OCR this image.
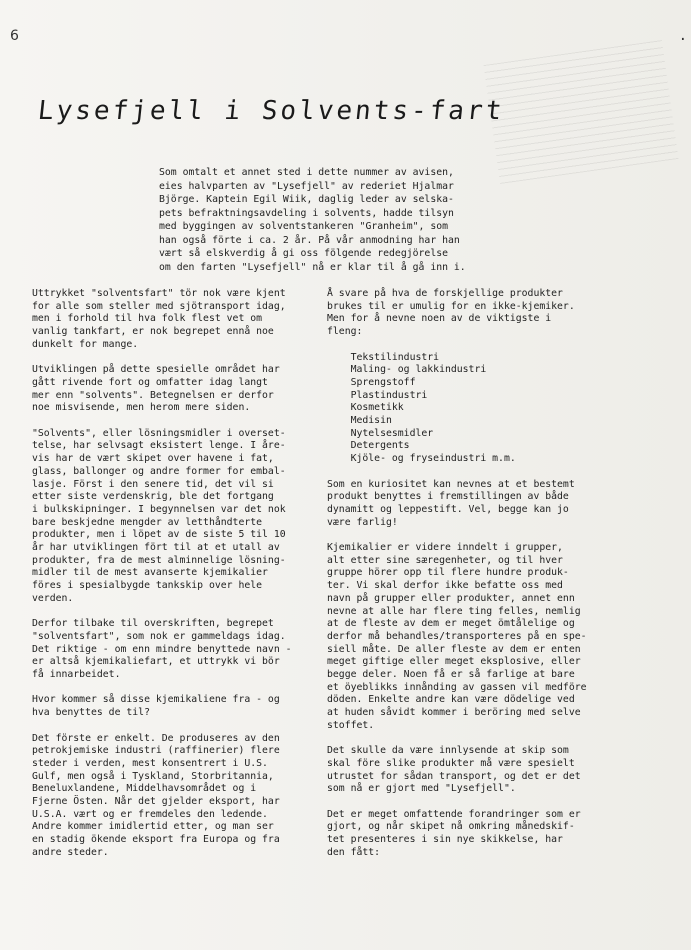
6	.
Lysefjell i Solvents-fart
Som omtalt et annet sted i dette nummer av avisen,
eies halvparten av "Lysefjell" av rederiet Hjalmar
Björge. Kaptein Egil Wiik, daglig leder av selska-
pets befraktningsavdeling i solvents, hadde tilsyn
med byggingen av solventstankeren "Granheim", som
han også förte i ca. 2 år. På vår anmodning har han
vært så elskverdig å gi oss fölgende redegjörelse
om den farten "Lysefjell" nå er klar til å gå inn i.
Uttrykket "solventsfart" tör nok være kjent
for alle som steller med sjötransport idag,
men i forhold til hva folk flest vet om
vanlig tankfart, er nok begrepet ennå noe
dunkelt for mange.
Utviklingen på dette spesielle området har
gått rivende fort og omfatter idag langt
mer enn "solvents". Betegnelsen er derfor
noe misvisende, men herom mere siden.
"Solvents", eller lösningsmidler i overset-
telse, har selvsagt eksistert lenge. I åre-
vis har de vært skipet over havene i fat,
glass, ballonger og andre former for embal-
lasje. Först i den senere tid, det vil si
etter siste verdenskrig, ble det fortgang
i bulkskipninger. I begynnelsen var det nok
bare beskjedne mengder av letthåndterte
produkter, men i löpet av de siste 5 til 10
år har utviklingen fört til at et utall av
produkter, fra de mest alminnelige lösning-
midler til de mest avanserte kjemikalier
föres i spesialbygde tankskip over hele
verden.
Derfor tilbake til overskriften, begrepet
"solventsfart", som nok er gammeldags idag.
Det riktige - om enn mindre benyttede navn -
er altså kjemikaliefart, et uttrykk vi bör
få innarbeidet.
Hvor kommer så disse kjemikaliene fra - og
hva benyttes de til?
Det förste er enkelt. De produseres av den
petrokjemiske industri (raffinerier) flere
steder i verden, mest konsentrert i U.S.
Gulf, men også i Tyskland, Storbritannia,
Beneluxlandene, Middelhavsområdet og i
Fjerne Östen. Når det gjelder eksport, har
U.S.A. vært og er fremdeles den ledende.
Andre kommer imidlertid etter, og man ser
en stadig ökende eksport fra Europa og fra
andre steder.
Å svare på hva de forskjellige produkter
brukes til er umulig for en ikke-kjemiker.
Men for å nevne noen av de viktigste i
fleng:
Tekstilindustri
Maling- og lakkindustri
Sprengstoff
Plastindustri
Kosmetikk
Medisin
Nytelsesmidler
Detergents
Kjöle- og fryseindustri m.m.
Som en kuriositet kan nevnes at et bestemt
produkt benyttes i fremstillingen av både
dynamitt og leppestift. Vel, begge kan jo
være farlig!
Kjemikalier er videre inndelt i grupper,
alt etter sine særegenheter, og til hver
gruppe hörer opp til flere hundre produk-
ter. Vi skal derfor ikke befatte oss med
navn på grupper eller produkter, annet enn
nevne at alle har flere ting felles, nemlig
at de fleste av dem er meget ömtålelige og
derfor må behandles/transporteres på en spe-
siell måte. De aller fleste av dem er enten
meget giftige eller meget eksplosive, eller
begge deler. Noen få er så farlige at bare
et öyeblikks innånding av gassen vil medföre
döden. Enkelte andre kan være dödelige ved
at huden såvidt kommer i beröring med selve
stoffet.
Det skulle da være innlysende at skip som
skal före slike produkter må være spesielt
utrustet for sådan transport, og det er det
som nå er gjort med "Lysefjell".
Det er meget omfattende forandringer som er
gjort, og når skipet nå omkring månedskif-
tet presenteres i sin nye skikkelse, har
den fått:
